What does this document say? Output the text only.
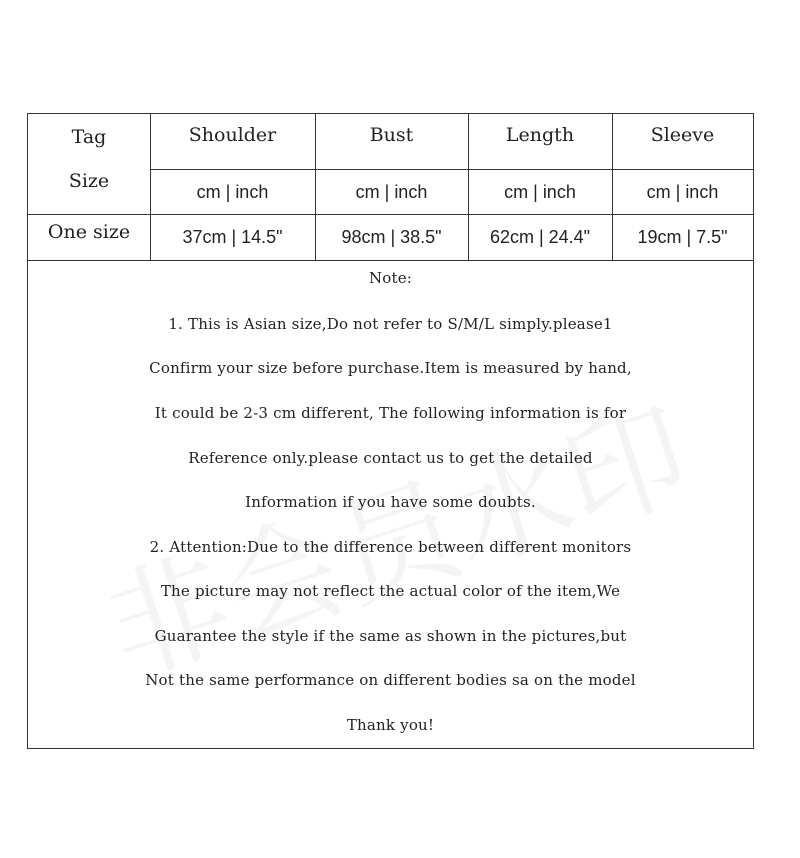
Tag
Size
Shoulder	Bust	Length	Sleeve
cm | inch	cm | inch	cm | inch	cm | inch
One size	37cm | 14.5"	98cm | 38.5"	62cm | 24.4"	19cm | 7.5"
Note:
1. This is Asian size,Do not refer to S/M/L simply.please1
Confirm your size before purchase.Item is measured by hand,
It could be 2-3 cm different, The following information is for
Reference only.please contact us to get the detailed
Information if you have some doubts.
2. Attention:Due to the difference between different monitors
The picture may not reflect the actual color of the item,We
Guarantee the style if the same as shown in the pictures,but
Not the same performance on different bodies sa on the model
Thank you!
